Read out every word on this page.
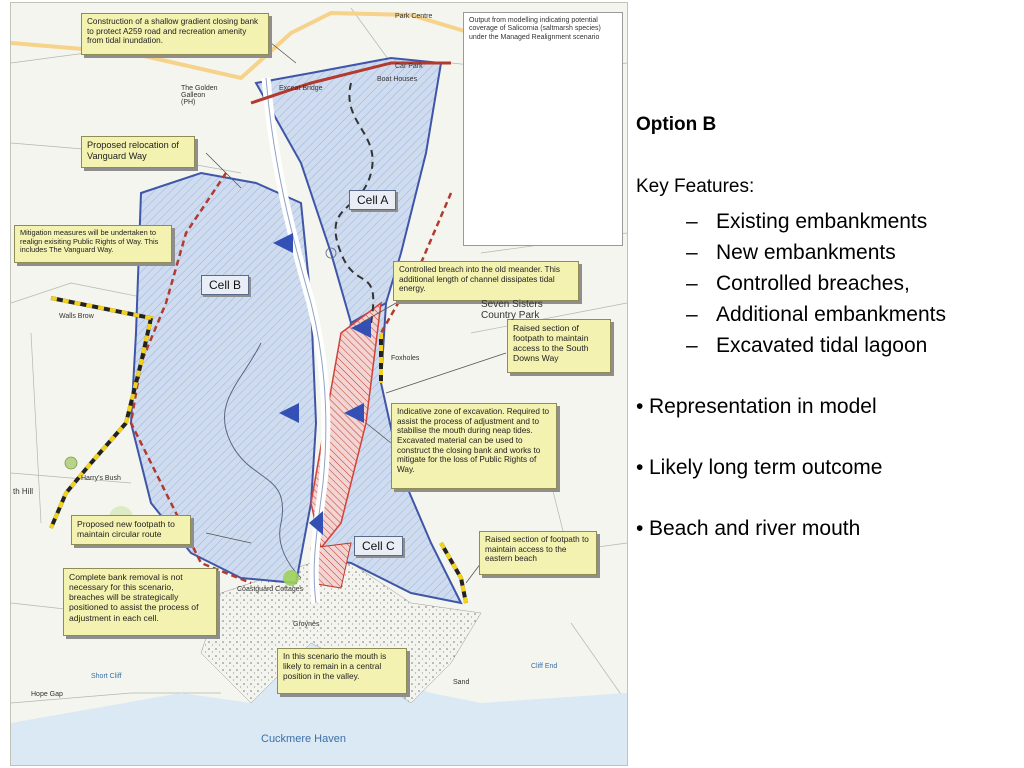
Output from modelling indicating potential coverage of Salicornia (saltmarsh species) under the Managed Realignment scenario
Cell A
Cell B
Cell C
Construction of a shallow gradient closing bank to protect A259 road and recreation amenity from tidal inundation.
Proposed relocation of Vanguard Way
Mitigation measures will be undertaken to realign exisiting Public Rights of Way. This includes The Vanguard Way.
Controlled breach into the old meander. This additional length of channel dissipates tidal energy.
Raised section of footpath to maintain access to the South Downs Way
Indicative zone of excavation. Required to assist the process of adjustment and to stabilise the mouth during neap tides. Excavated material can be used to construct the closing bank and works to mitigate for the loss of Public Rights of Way.
Proposed new footpath to maintain circular route
Complete bank removal is not necessary for this scenario, breaches will be strategically positioned to assist the process of adjustment in each cell.
In this scenario the mouth is likely to remain in a central position in the valley.
Raised section of footpath to maintain access to the eastern beach
Seven Sisters
Country Park
Cuckmere Haven
The Golden Galleon (PH)
Exceat Bridge
Park Centre
Car Park
Boat Houses
Foxholes
Walls Brow
Harry's Bush
Coastguard Cottages
Short Cliff
Hope Gap
Cliff End
Sand
Groynes
th Hill
Option B
Key Features:
– Existing embankments
– New embankments
– Controlled breaches,
– Additional embankments
– Excavated tidal lagoon
• Representation in model
• Likely long term outcome
• Beach and river mouth
